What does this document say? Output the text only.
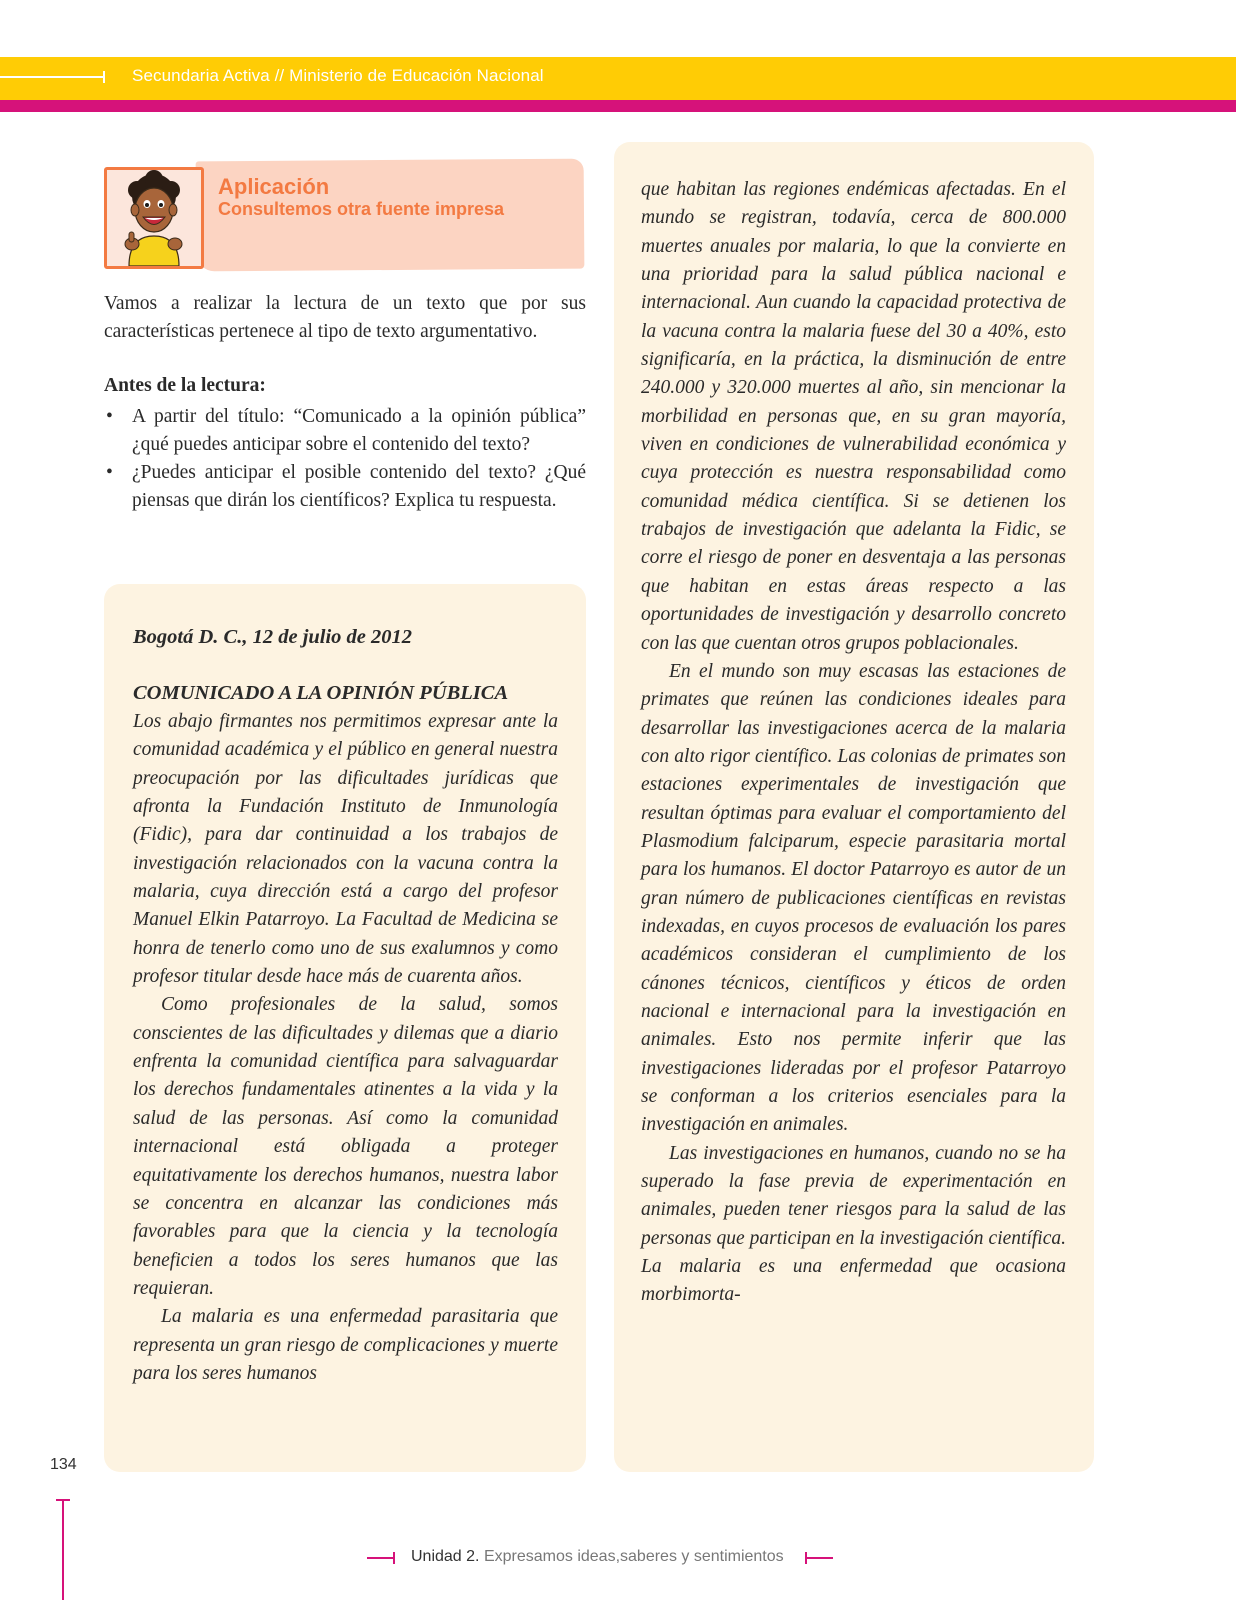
Secundaria Activa // Ministerio de Educación Nacional
Aplicación
Consultemos otra fuente impresa

Vamos a realizar la lectura de un texto que por sus características pertenece al tipo de texto argumentativo.

Antes de la lectura:
• A partir del título: “Comunicado a la opinión pública” ¿qué puedes anticipar sobre el contenido del texto?
• ¿Puedes anticipar el posible contenido del texto? ¿Qué piensas que dirán los científicos? Explica tu respuesta.
Bogotá D. C., 12 de julio de 2012
COMUNICADO A LA OPINIÓN PÚBLICA

Los abajo firmantes nos permitimos expresar ante la comunidad académica y el público en general nuestra preocupación por las dificultades jurídicas que afronta la Fundación Instituto de Inmunología (Fidic), para dar continuidad a los trabajos de investigación relacionados con la vacuna contra la malaria, cuya dirección está a cargo del profesor Manuel Elkin Patarroyo. La Facultad de Medicina se honra de tenerlo como uno de sus exalumnos y como profesor titular desde hace más de cuarenta años.

Como profesionales de la salud, somos conscientes de las dificultades y dilemas que a diario enfrenta la comunidad científica para salvaguardar los derechos fundamentales atinentes a la vida y la salud de las personas. Así como la comunidad internacional está obligada a proteger equitativamente los derechos humanos, nuestra labor se concentra en alcanzar las condiciones más favorables para que la ciencia y la tecnología beneficien a todos los seres humanos que las requieran.

La malaria es una enfermedad parasitaria que representa un gran riesgo de complicaciones y muerte para los seres humanos

que habitan las regiones endémicas afectadas. En el mundo se registran, todavía, cerca de 800.000 muertes anuales por malaria, lo que la convierte en una prioridad para la salud pública nacional e internacional. Aun cuando la capacidad protectiva de la vacuna contra la malaria fuese del 30 a 40%, esto significaría, en la práctica, la disminución de entre 240.000 y 320.000 muertes al año, sin mencionar la morbilidad en personas que, en su gran mayoría, viven en condiciones de vulnerabilidad económica y cuya protección es nuestra responsabilidad como comunidad médica científica. Si se detienen los trabajos de investigación que adelanta la Fidic, se corre el riesgo de poner en desventaja a las personas que habitan en estas áreas respecto a las oportunidades de investigación y desarrollo concreto con las que cuentan otros grupos poblacionales.

En el mundo son muy escasas las estaciones de primates que reúnen las condiciones ideales para desarrollar las investigaciones acerca de la malaria con alto rigor científico. Las colonias de primates son estaciones experimentales de investigación que resultan óptimas para evaluar el comportamiento del Plasmodium falciparum, especie parasitaria mortal para los humanos. El doctor Patarroyo es autor de un gran número de publicaciones científicas en revistas indexadas, en cuyos procesos de evaluación los pares académicos consideran el cumplimiento de los cánones técnicos, científicos y éticos de orden nacional e internacional para la investigación en animales. Esto nos permite inferir que las investigaciones lideradas por el profesor Patarroyo se conforman a los criterios esenciales para la investigación en animales.

Las investigaciones en humanos, cuando no se ha superado la fase previa de experimentación en animales, pueden tener riesgos para la salud de las personas que participan en la investigación científica. La malaria es una enfermedad que ocasiona morbimorta-

134
Unidad 2. Expresamos ideas,saberes y sentimientos
